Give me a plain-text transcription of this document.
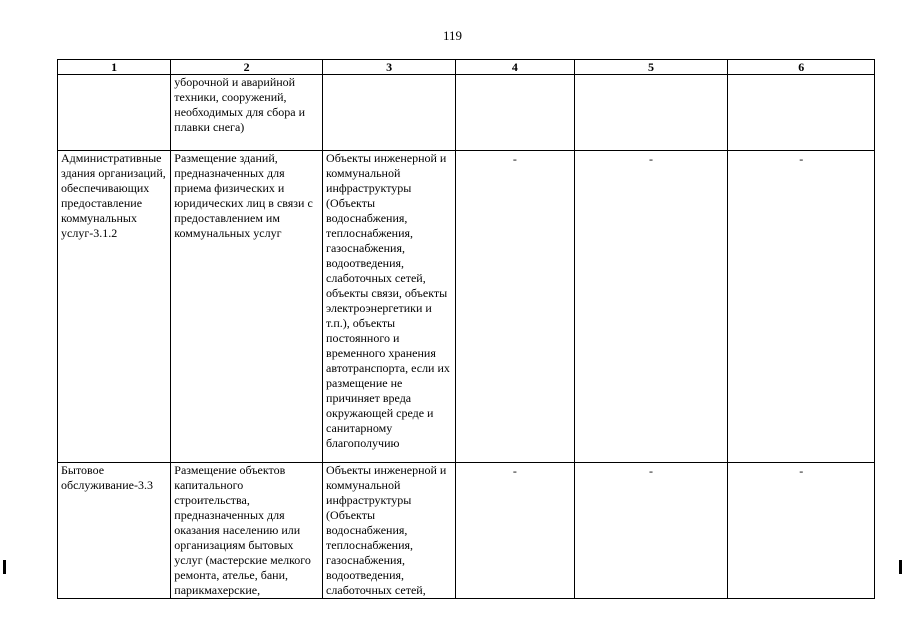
119
1	2	3	4	5	6
	уборочной и аварийной техники, сооружений, необходимых для сбора и плавки снега)				
Административные здания организаций, обеспечивающих предоставление коммунальных услуг-3.1.2	Размещение зданий, предназначенных для приема физических и юридических лиц в связи с предоставлением им коммунальных услуг	Объекты инженерной и коммунальной инфраструктуры (Объекты водоснабжения, теплоснабжения, газоснабжения, водоотведения, слаботочных сетей, объекты связи, объекты электроэнергетики и т.п.), объекты постоянного и временного хранения автотранспорта, если их размещение не причиняет вреда окружающей среде и санитарному благополучию	-	-	-
Бытовое обслуживание-3.3	Размещение объектов капитального строительства, предназначенных для оказания населению или организациям бытовых услуг (мастерские мелкого ремонта, ателье, бани, парикмахерские,	Объекты инженерной и коммунальной инфраструктуры (Объекты водоснабжения, теплоснабжения, газоснабжения, водоотведения, слаботочных сетей,	-	-	-
